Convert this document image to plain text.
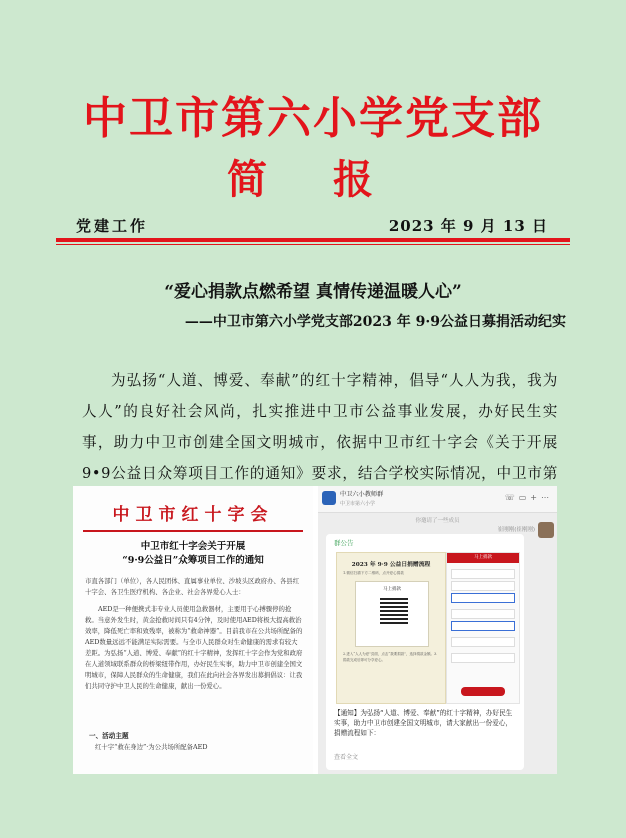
中卫市第六小学党支部
简 报
党建工作	2023 年 9 月 13 日
“爱心捐款点燃希望 真情传递温暖人心”
——中卫市第六小学党支部2023 年 9·9公益日募捐活动纪实

为弘扬“人道、博爱、奉献”的红十字精神，倡导“人人为我，我为人人”的良好社会风尚，扎实推进中卫市公益事业发展，办好民生实事，助力中卫市创建全国文明城市，依据中卫市红十字会《关于开展9•9公益日众筹项目工作的通知》要求，结合学校实际情况，中卫市第

中卫市红十字会
中卫市红十字会关于开展
“9·9公益日”众筹项目工作的通知

市直各部门（单位），各人民团体、直属事业单位、沙坡头区政府办、各县红十字会、各卫生医疗机构、各企业、社会各界爱心人士：

AED是一种便携式非专业人员使用急救器材，主要用于心搏骤停的抢救。当意外发生时，黄金抢救时间只有4分钟，及时使用AED将极大提高救治效率，降低死亡率和致残率，被称为“救命神器”。目前我市在公共场所配备的AED数量远远不能满足实际需要。与全市人民群众对生命健康的需求有较大差距。为弘扬“人道、博爱、奉献”的红十字精神，发挥红十字会作为党和政府在人道领域联系群众的桥梁纽带作用，办好民生实事，助力中卫市创建全国文明城市，保障人民群众的生命健康，我们在此向社会各界发出募捐倡议：让我们共同守护中卫人民的生命健康，献出一份爱心。

一、活动主题

红十字“救在身边”·为公共场所配备AED

中卫六小教师群
中卫市第六小学
☏▭+⋯
你邀请了一些成员
崔刚刚(崔刚刚)
群公告
2023 年 9·9 公益日捐赠流程
1.微信扫描下方二维码，点开爱心捐款
马上捐款
2.进入“人人为爱”页面，点击“我要捐款”，选择捐款金额。3.捐款完成后即可分享爱心。
马上捐款

【通知】为弘扬“人道、博爱、奉献”的红十字精神，办好民生实事，助力中卫市创建全国文明城市，请大家献出一份爱心，捐赠流程如下：

查看全文
